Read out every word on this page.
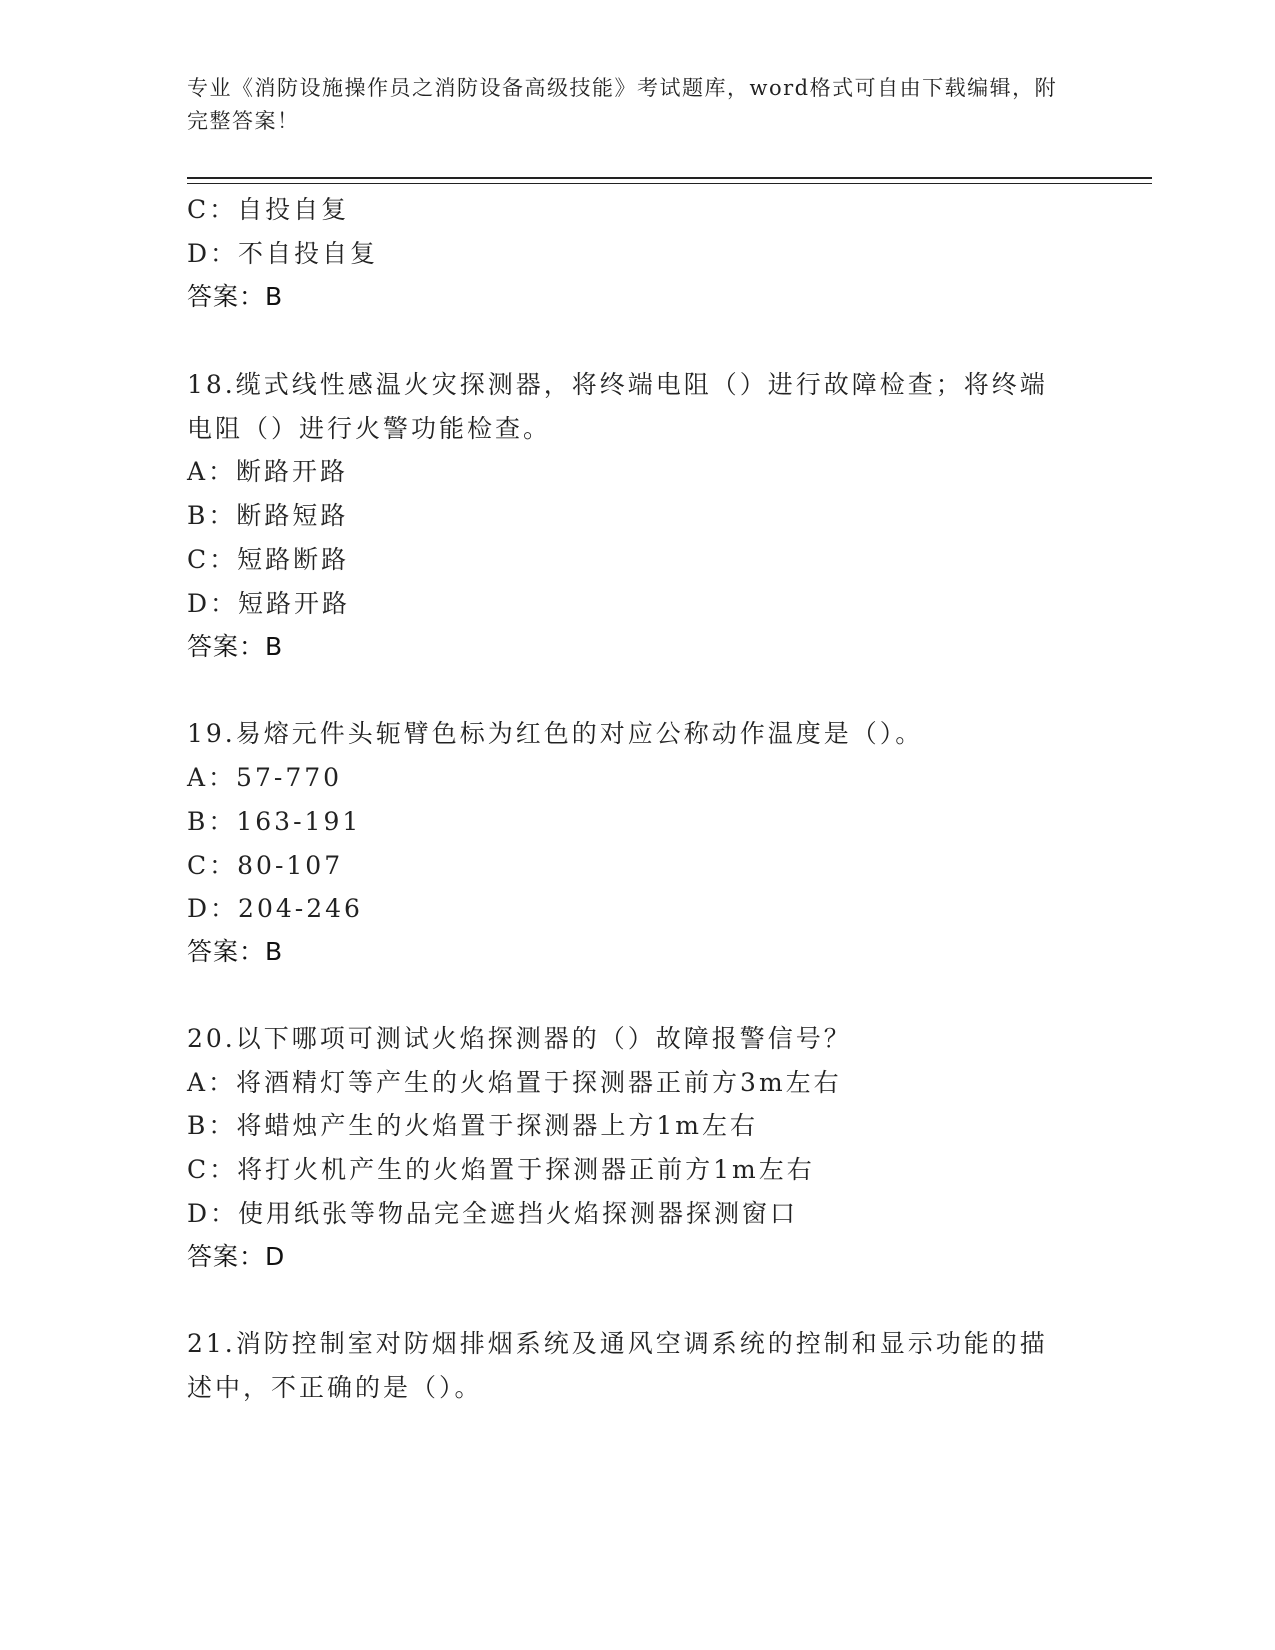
专业《消防设施操作员之消防设备高级技能》考试题库，word格式可自由下载编辑，附完整答案！
C：自投自复
D：不自投自复
答案：B
18.缆式线性感温火灾探测器，将终端电阻（）进行故障检查；将终端
电阻（）进行火警功能检查。
A：断路开路
B：断路短路
C：短路断路
D：短路开路
答案：B
19.易熔元件头轭臂色标为红色的对应公称动作温度是（）。
A：57-770
B：163-191
C：80-107
D：204-246
答案：B
20.以下哪项可测试火焰探测器的（）故障报警信号？
A：将酒精灯等产生的火焰置于探测器正前方3m左右
B：将蜡烛产生的火焰置于探测器上方1m左右
C：将打火机产生的火焰置于探测器正前方1m左右
D：使用纸张等物品完全遮挡火焰探测器探测窗口
答案：D
21.消防控制室对防烟排烟系统及通风空调系统的控制和显示功能的描
述中，不正确的是（）。
